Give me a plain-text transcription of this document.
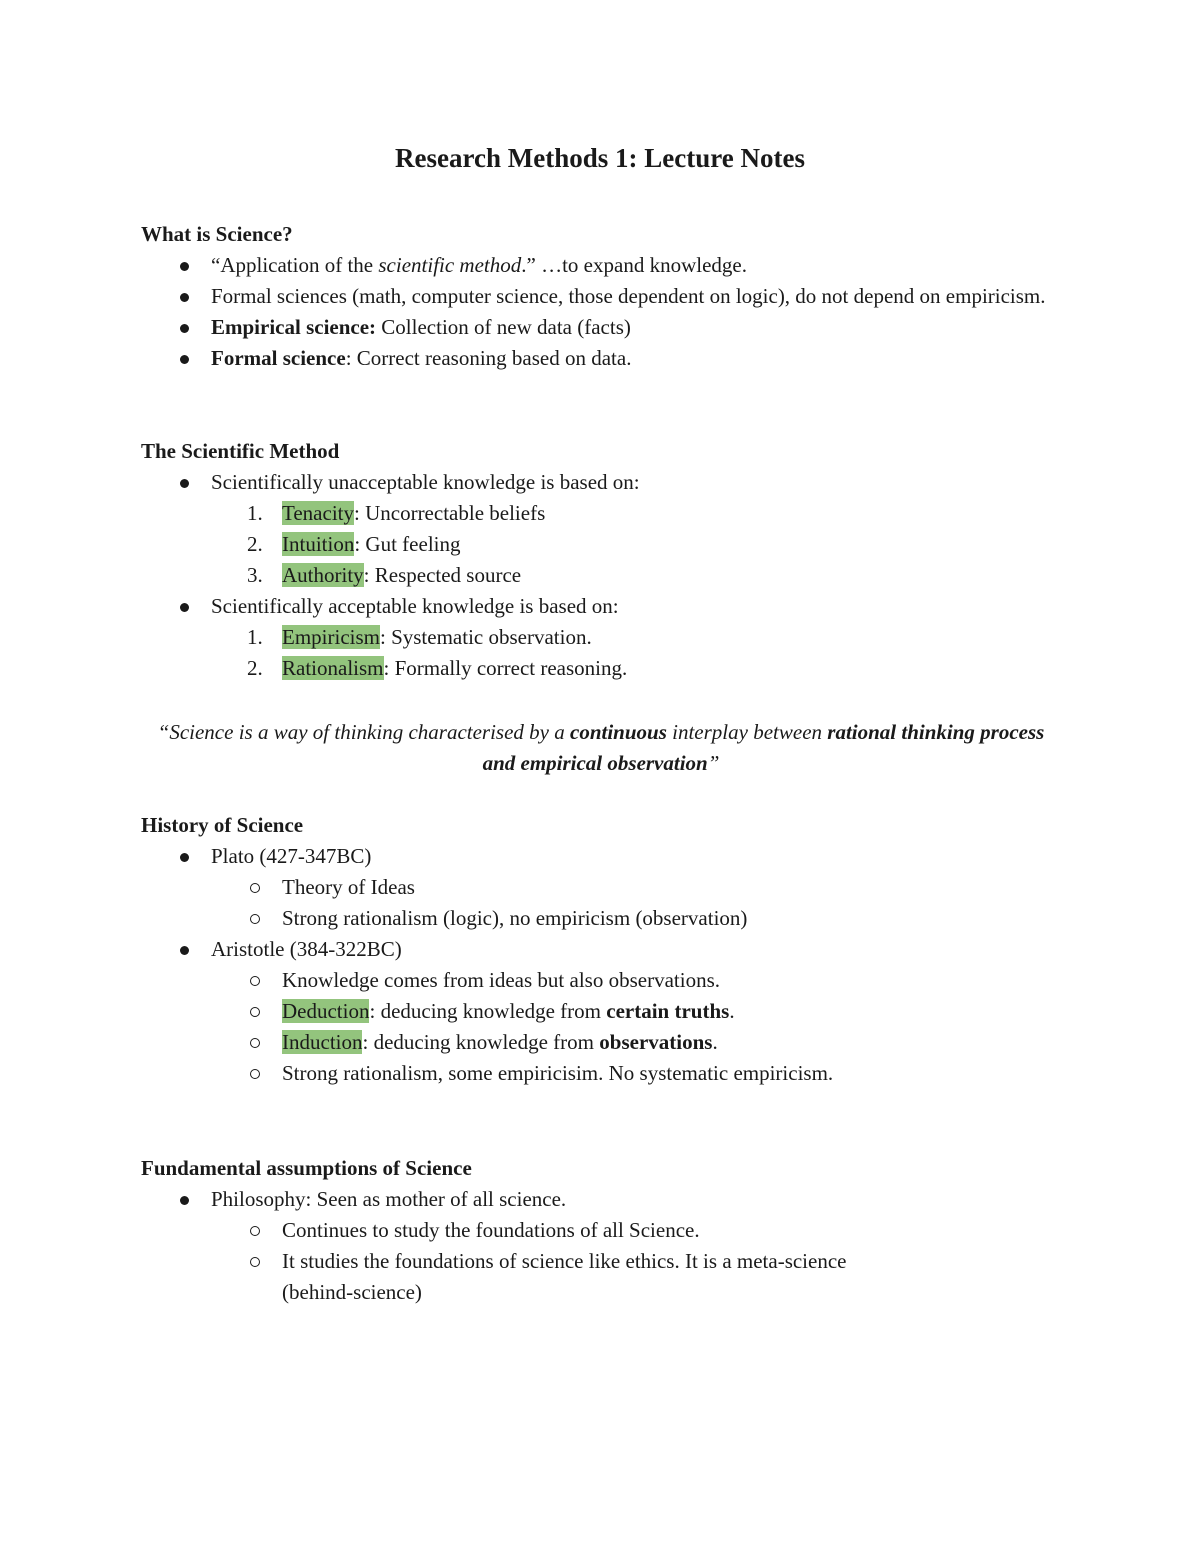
Research Methods 1: Lecture Notes
What is Science?
“Application of the scientific method.” …to expand knowledge.
Formal sciences (math, computer science, those dependent on logic), do not depend on empiricism.
Empirical science: Collection of new data (facts)
Formal science: Correct reasoning based on data.
The Scientific Method
Scientifically unacceptable knowledge is based on:
1. Tenacity: Uncorrectable beliefs
2. Intuition: Gut feeling
3. Authority: Respected source
Scientifically acceptable knowledge is based on:
1. Empiricism: Systematic observation.
2. Rationalism: Formally correct reasoning.
“Science is a way of thinking characterised by a continuous interplay between rational thinking process and empirical observation”
History of Science
Plato (427-347BC)
Theory of Ideas
Strong rationalism (logic), no empiricism (observation)
Aristotle (384-322BC)
Knowledge comes from ideas but also observations.
Deduction: deducing knowledge from certain truths.
Induction: deducing knowledge from observations.
Strong rationalism, some empiricisim. No systematic empiricism.
Fundamental assumptions of Science
Philosophy: Seen as mother of all science.
Continues to study the foundations of all Science.
It studies the foundations of science like ethics. It is a meta-science (behind-science)
